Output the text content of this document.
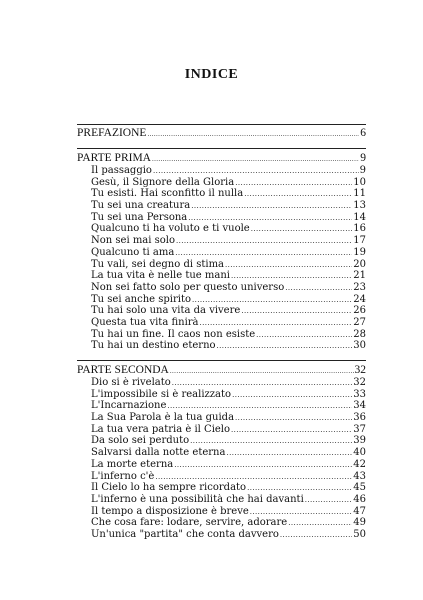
INDICE
PREFAZIONE .....	6
PARTE PRIMA .....	9
Il passaggio .....	9
Gesù, il Signore della Gloria .....	10
Tu esisti. Hai sconfitto il nulla .....	11
Tu sei una creatura .....	13
Tu sei una Persona .....	14
Qualcuno ti ha voluto e ti vuole .....	16
Non sei mai solo .....	17
Qualcuno ti ama .....	19
Tu vali, sei degno di stima .....	20
La tua vita è nelle tue mani .....	21
Non sei fatto solo per questo universo .....	23
Tu sei anche spirito .....	24
Tu hai solo una vita da vivere .....	26
Questa tua vita finirà .....	27
Tu hai un fine. Il caos non esiste .....	28
Tu hai un destino eterno .....	30
PARTE SECONDA .....	32
Dio si è rivelato .....	32
L'impossibile si è realizzato .....	33
L'Incarnazione .....	34
La Sua Parola è la tua guida .....	36
La tua vera patria è il Cielo .....	37
Da solo sei perduto .....	39
Salvarsi dalla notte eterna .....	40
La morte eterna .....	42
L'inferno c'è .....	43
Il Cielo lo ha sempre ricordato .....	45
L'inferno è una possibilità che hai davanti .....	46
Il tempo a disposizione è breve .....	47
Che cosa fare: lodare, servire, adorare .....	49
Un'unica "partita" che conta davvero .....	50
